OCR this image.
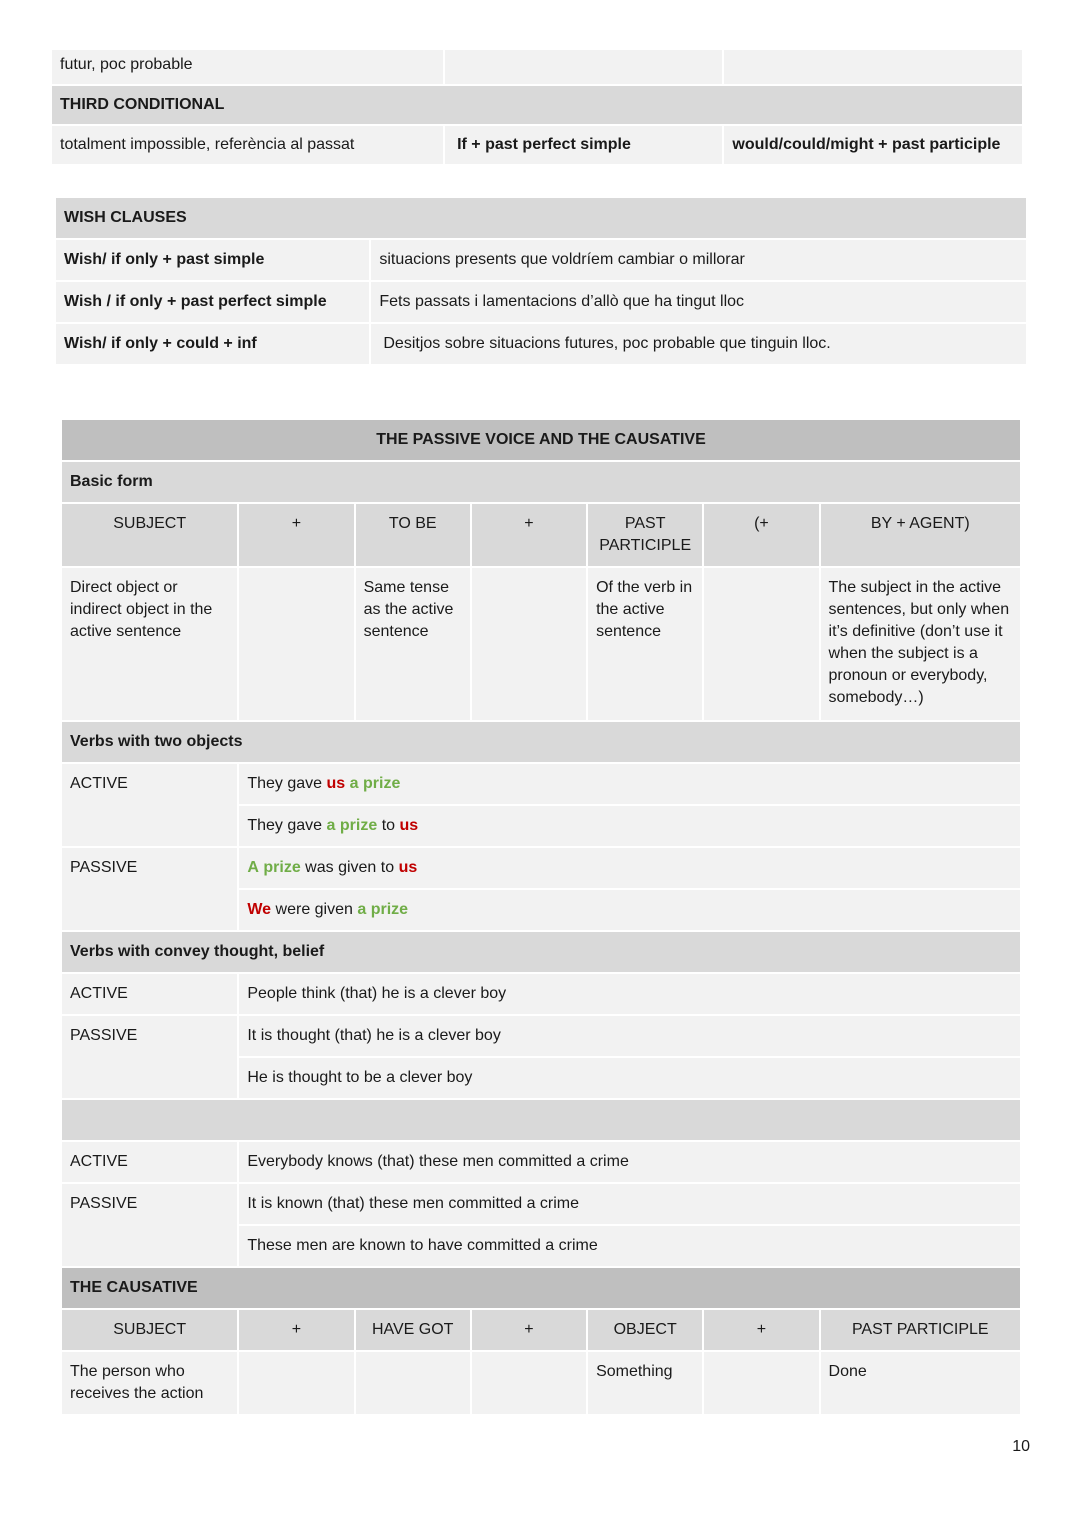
futur, poc probable		
THIRD CONDITIONAL		
totalment impossible, referència al passat	If + past perfect simple	would/could/might + past participle
WISH CLAUSES	
Wish/ if only + past simple	situacions presents que voldríem cambiar o millorar
Wish / if only + past perfect simple	Fets passats i lamentacions d’allò que ha tingut lloc
Wish/ if only + could + inf	Desitjos sobre situacions futures, poc probable que tinguin lloc.
THE PASSIVE VOICE AND THE CAUSATIVE						
Basic form						
SUBJECT	+	TO BE	+	PAST PARTICIPLE	(+	BY + AGENT)
Direct object or indirect object in the active sentence		Same tense as the active sentence		Of the verb in the active sentence		The subject in the active sentences, but only when it’s definitive (don’t use it when the subject is a pronoun or everybody, somebody…)
Verbs with two objects						
ACTIVE	They gave us a prize					
	They gave a prize to us					
PASSIVE	A prize was given to us					
	We were given a prize					
Verbs with convey thought, belief						
ACTIVE	People think (that) he is a clever boy					
PASSIVE	It is thought (that) he is a clever boy					
	He is thought to be a clever boy					

ACTIVE	Everybody knows (that) these men committed a crime					
PASSIVE	It is known (that) these men committed a crime					
	These men are known to have committed a crime					
THE CAUSATIVE						
SUBJECT	+	HAVE GOT	+	OBJECT	+	PAST PARTICIPLE
The person who receives the action				Something		Done
10
